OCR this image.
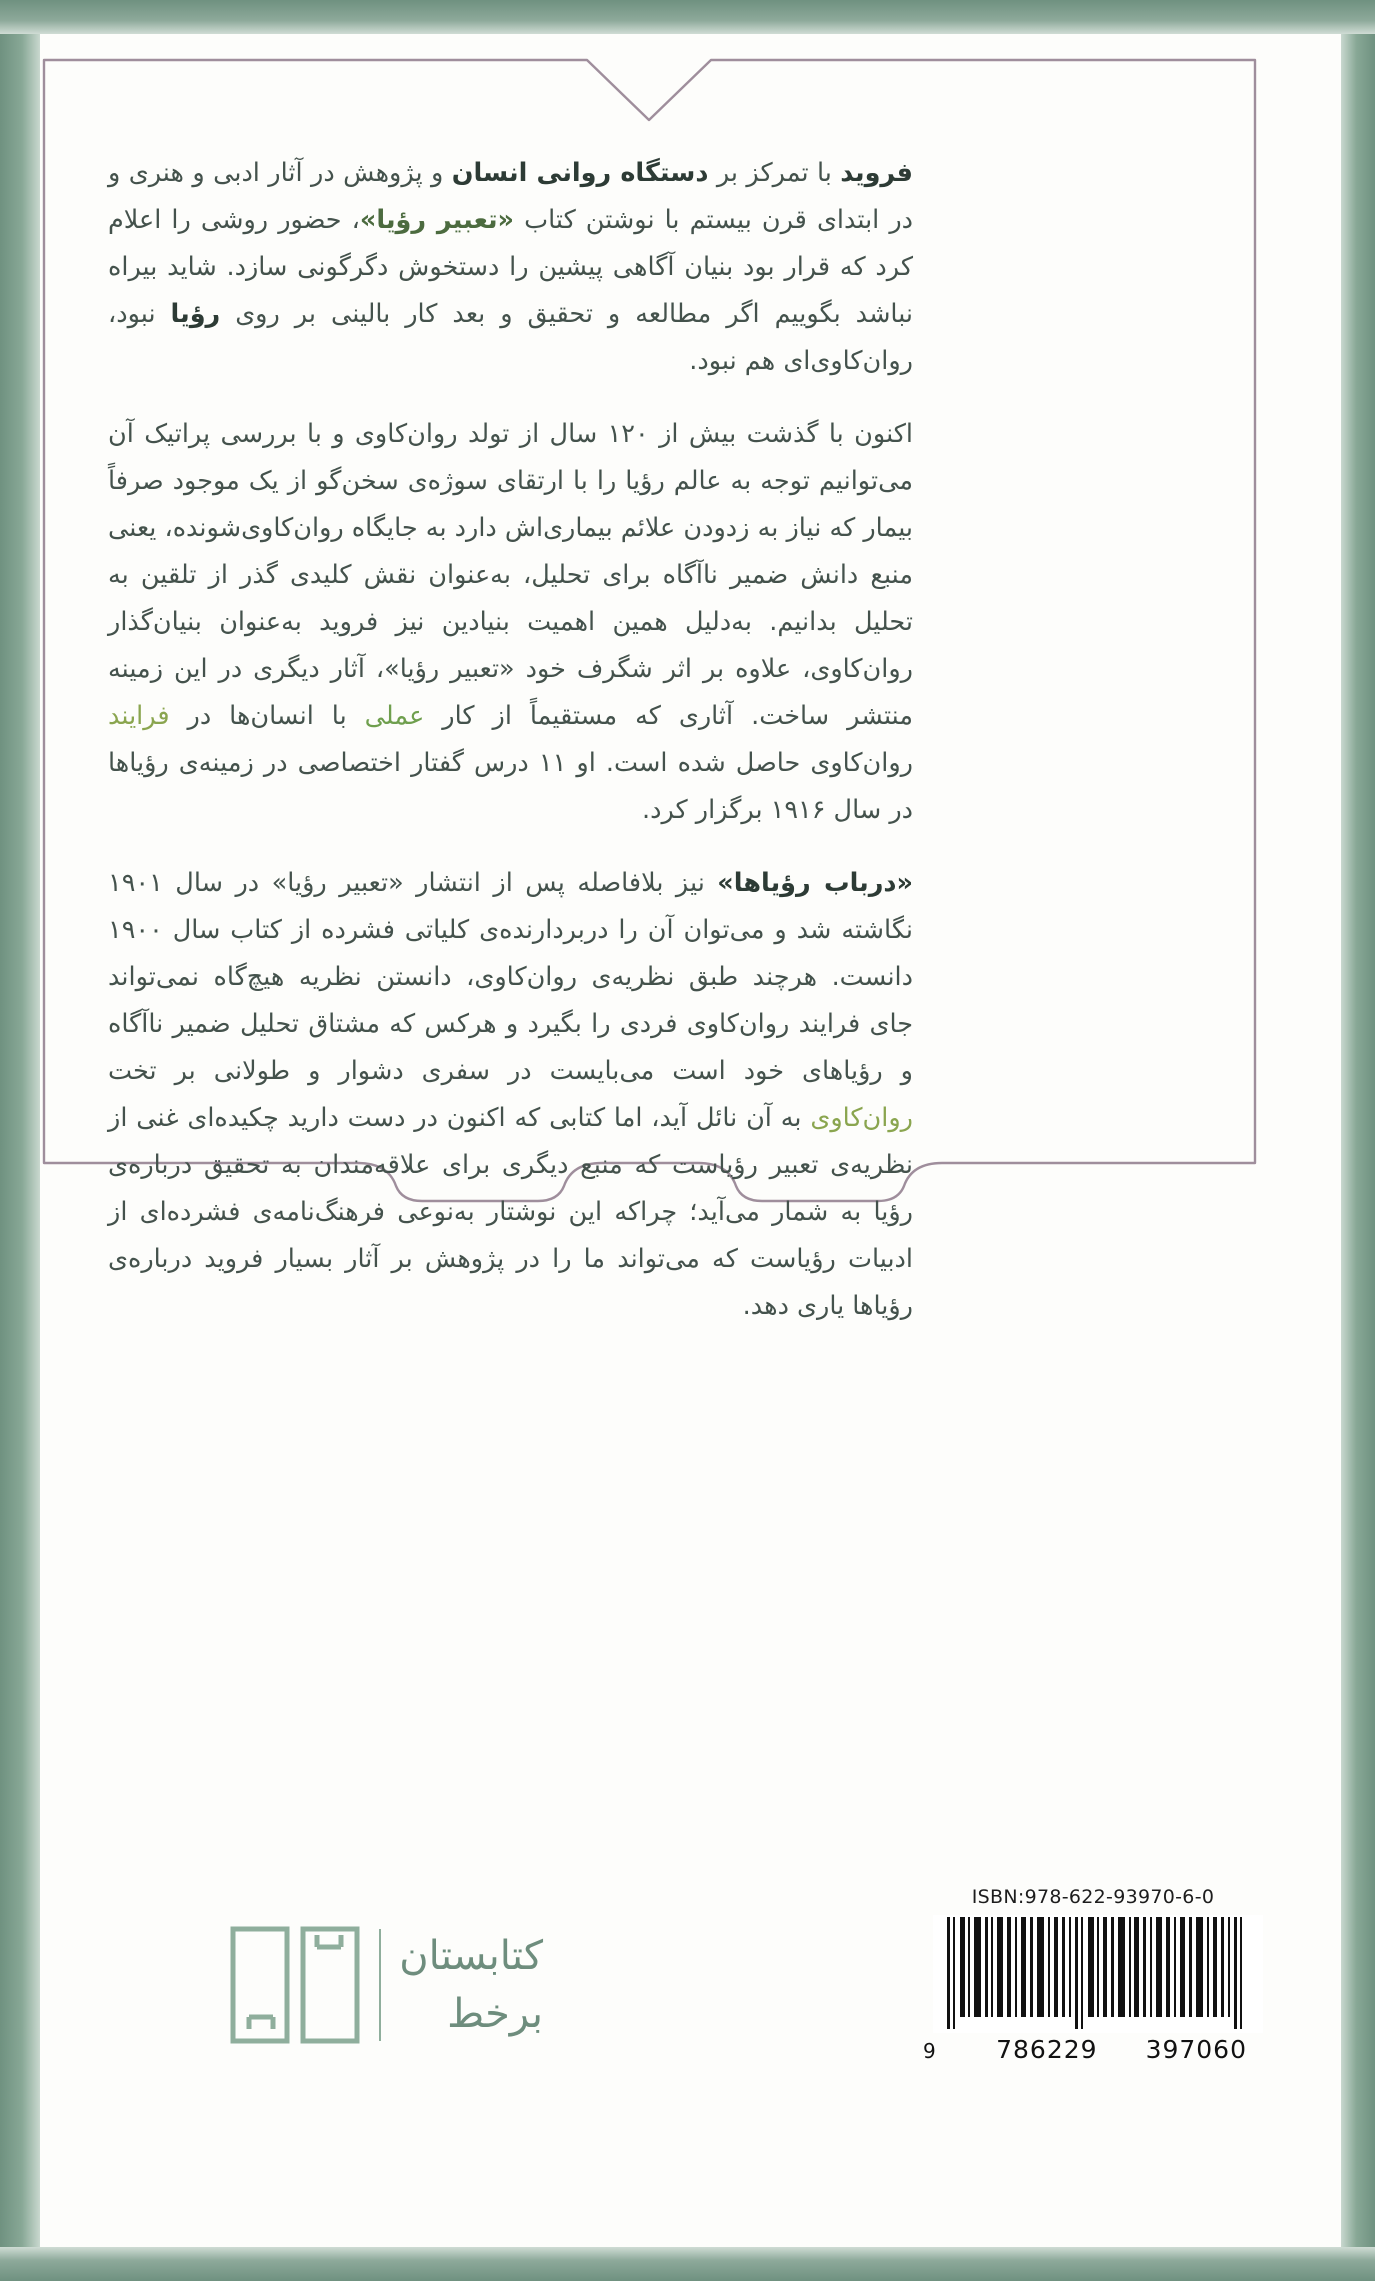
فروید با تمرکز بر دستگاه روانی انسان و پژوهش در آثار ادبی و هنری و در ابتدای قرن بیستم با نوشتن کتاب «تعبیر رؤیا»، حضور روشی را اعلام کرد که قرار بود بنیان آگاهی پیشین را دستخوش دگرگونی سازد. شاید بیراه نباشد بگوییم اگر مطالعه و تحقیق و بعد کار بالینی بر روی رؤیا نبود، روان‌کاوی‌ای هم نبود.

اکنون با گذشت بیش از ۱۲۰ سال از تولد روان‌کاوی و با بررسی پراتیک آن می‌توانیم توجه به عالم رؤیا را با ارتقای سوژه‌ی سخن‌گو از یک موجود صرفاً بیمار که نیاز به زدودن علائم بیماری‌اش دارد به جایگاه روان‌کاوی‌شونده، یعنی منبع دانش ضمیر ناآگاه برای تحلیل، به‌عنوان نقش کلیدی گذر از تلقین به تحلیل بدانیم. به‌دلیل همین اهمیت بنیادین نیز فروید به‌عنوان بنیان‌گذار روان‌کاوی، علاوه بر اثر شگرف خود «تعبیر رؤیا»، آثار دیگری در این زمینه منتشر ساخت. آثاری که مستقیماً از کار عملی با انسان‌ها در فرایند روان‌کاوی حاصل شده است. او ۱۱ درس گفتار اختصاصی در زمینه‌ی رؤیاها در سال ۱۹۱۶ برگزار کرد.

«درباب رؤیاها» نیز بلافاصله پس از انتشار «تعبیر رؤیا» در سال ۱۹۰۱ نگاشته شد و می‌توان آن را دربردارنده‌ی کلیاتی فشرده از کتاب سال ۱۹۰۰ دانست. هرچند طبق نظریه‌ی روان‌کاوی، دانستن نظریه هیچ‌گاه نمی‌تواند جای فرایند روان‌کاوی فردی را بگیرد و هرکس که مشتاق تحلیل ضمیر ناآگاه و رؤیاهای خود است می‌بایست در سفری دشوار و طولانی بر تخت روان‌کاوی به آن نائل آید، اما کتابی که اکنون در دست دارید چکیده‌ای غنی از نظریه‌ی تعبیر رؤیاست که منبع دیگری برای علاقه‌مندان به تحقیق درباره‌ی رؤیا به شمار می‌آید؛ چراکه این نوشتار به‌نوعی فرهنگ‌نامه‌ی فشرده‌ای از ادبیات رؤیاست که می‌تواند ما را در پژوهش بر آثار بسیار فروید درباره‌ی رؤیاها یاری دهد.

کتابستان
برخط
ISBN:978-622-93970-6-0
9 786229 397060
